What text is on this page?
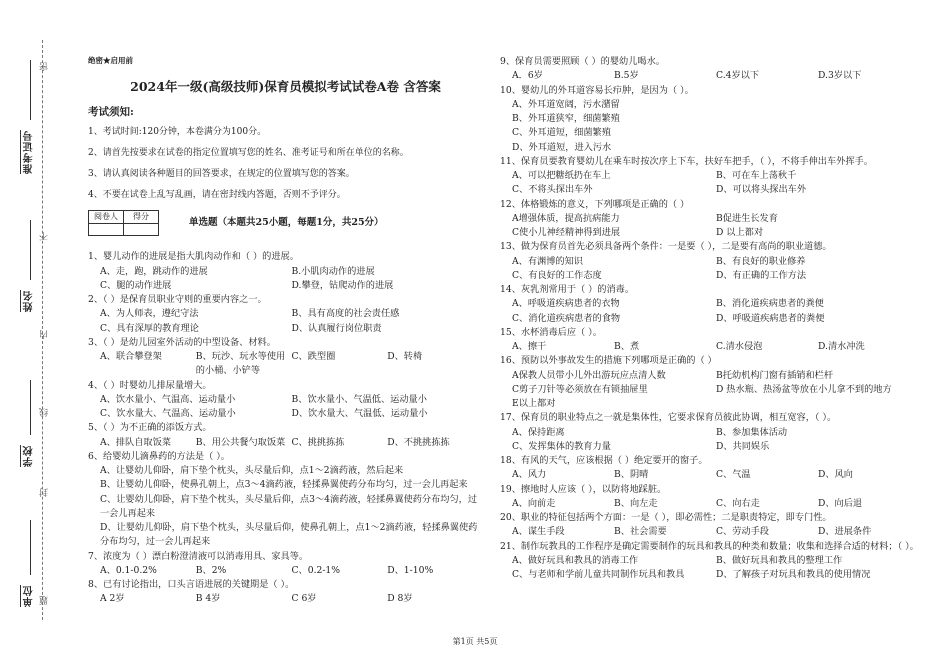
准考证号
姓名
学校
单位
密
不
内
线
封
题
绝密★启用前
2024年一级(高级技师)保育员模拟考试试卷A卷 含答案
考试须知:

1、考试时间:120分钟，本卷满分为100分。

2、请首先按要求在试卷的指定位置填写您的姓名、准考证号和所在单位的名称。

3、请认真阅读各种题目的回答要求，在规定的位置填写您的答案。

4、不要在试卷上乱写乱画，请在密封线内答题，否则不予评分。

阅卷人	得分

单选题（本题共25小题，每题1分，共25分）

1、婴儿动作的进展是指大肌肉动作和（ ）的进展。

A、走，跑，跳动作的进展	B.小肌肉动作的进展
C、腿的动作进展	D.攀登，钻爬动作的进展

2、（ ）是保育员职业守则的重要内容之一。

A、为人师表，遵纪守法	B、具有高度的社会责任感
C、具有深厚的教育理论	D、认真履行岗位职责

3、（ ）是幼儿园室外活动的中型设备、材料。

A、联合攀登架	B、玩沙、玩水等使用的小桶、小铲等
C、跌型圈	D、转椅

4、（ ）时婴幼儿排尿量增大。

A、饮水量小、气温高、运动量小	B、饮水量小、气温低、运动量小
C、饮水量大、气温高、运动量小	D、饮水量大、气温低、运动量小

5、（ ）为不正确的添饭方式。

A、排队自取饭菜	B、用公共餐勺取饭菜 C、挑挑拣拣	D、不挑挑拣拣

6、给婴幼儿滴鼻药的方法是（ ）。

A、让婴幼儿仰卧，肩下垫个枕头，头尽量后仰，点1～2滴药液，然后起来
B、让婴幼儿仰卧，使鼻孔朝上，点3～4滴药液，轻揉鼻翼使药分布均匀，过一会儿再起来
C、让婴幼儿仰卧，肩下垫个枕头，头尽量后仰，点3～4滴药液，轻揉鼻翼使药分布均匀，过一会儿再起来
D、让婴幼儿仰卧，肩下垫个枕头，头尽量后仰，使鼻孔朝上，点1～2滴药液，轻揉鼻翼使药分布均匀，过一会儿再起来

7、浓度为（ ）漂白粉澄清液可以消毒用具、家具等。

A、0.1-0.2%	B、2%	C、0.2-1%	D、1-10%

8、已有讨论指出，口头言语进展的关键期是（ ）。

A 2岁	B 4岁	C 6岁	D 8岁

9、保育员需要照顾（ ）的婴幼儿喝水。

A．6岁	B.5岁	C.4岁以下	D.3岁以下

10、婴幼儿的外耳道容易长疖肿，是因为（ ）。

A、外耳道宽阔，污水潴留
B、外耳道狭窄，细菌繁殖
C、外耳道短，细菌繁殖
D、外耳道短，进入污水

11、保育员要教育婴幼儿在乘车时按次序上下车，扶好车把手，（ ），不将手伸出车外挥手。

A、可以把糖纸扔在车上	B、可在车上荡秋千
C、不将头探出车外	D、可以将头探出车外

12、体格锻炼的意义，下列哪项是正确的（ ）

A增强体质，提高抗病能力	B促进生长发育
C使小儿神经精神得到进展	D 以上都对

13、做为保育员首先必须具备两个条件：一是要（ ），二是要有高尚的职业道德。

A、有渊博的知识	B、有良好的职业修养
C、有良好的工作态度	D、有正确的工作方法

14、灰乳剂常用于（ ）的消毒。

A、呼吸道疾病患者的衣物	B、消化道疾病患者的粪便
C、消化道疾病患者的食物	D、呼吸道疾病患者的粪便

15、水杯消毒后应（ ）。

A、擦干	B、煮	C.清水侵泡	D.清水冲洗

16、预防以外事故发生的措施下列哪项是正确的（ ）

A保教人员带小儿外出游玩应点清人数	B托幼机构门窗有插销和栏杆
C剪子刀针等必须放在有锁抽屉里	D 热水瓶、热汤盆等放在小儿拿不到的地方
E以上都对

17、保育员的职业特点之一就是集体性，它要求保育员彼此协调，相互宽容，（ ）。

A、保持距离	B、参加集体活动
C、发挥集体的教育力量	D、共同娱乐

18、有风的天气，应该根据（ ）绝定要开的窗子。

A、风力	B、阴晴	C、气温	D、风向

19、擦地时人应该（ ），以防将地踩脏。

A、向前走	B、向左走	C、向右走	D、向后退

20、职业的特征包括两个方面：一是（ ），即必需性；二是职责特定，即专门性。

A、谋生手段	B、社会需要	C、劳动手段	D、进展条件

21、制作玩教具的工作程序是确定需要制作的玩具和教具的种类和数量；收集和选择合适的材料；（ ）。

A、做好玩具和教具的消毒工作	B、做好玩具和教具的整理工作
C、与老师和学前儿童共同制作玩具和教具	D、了解孩子对玩具和教具的使用情况
第1页 共5页
